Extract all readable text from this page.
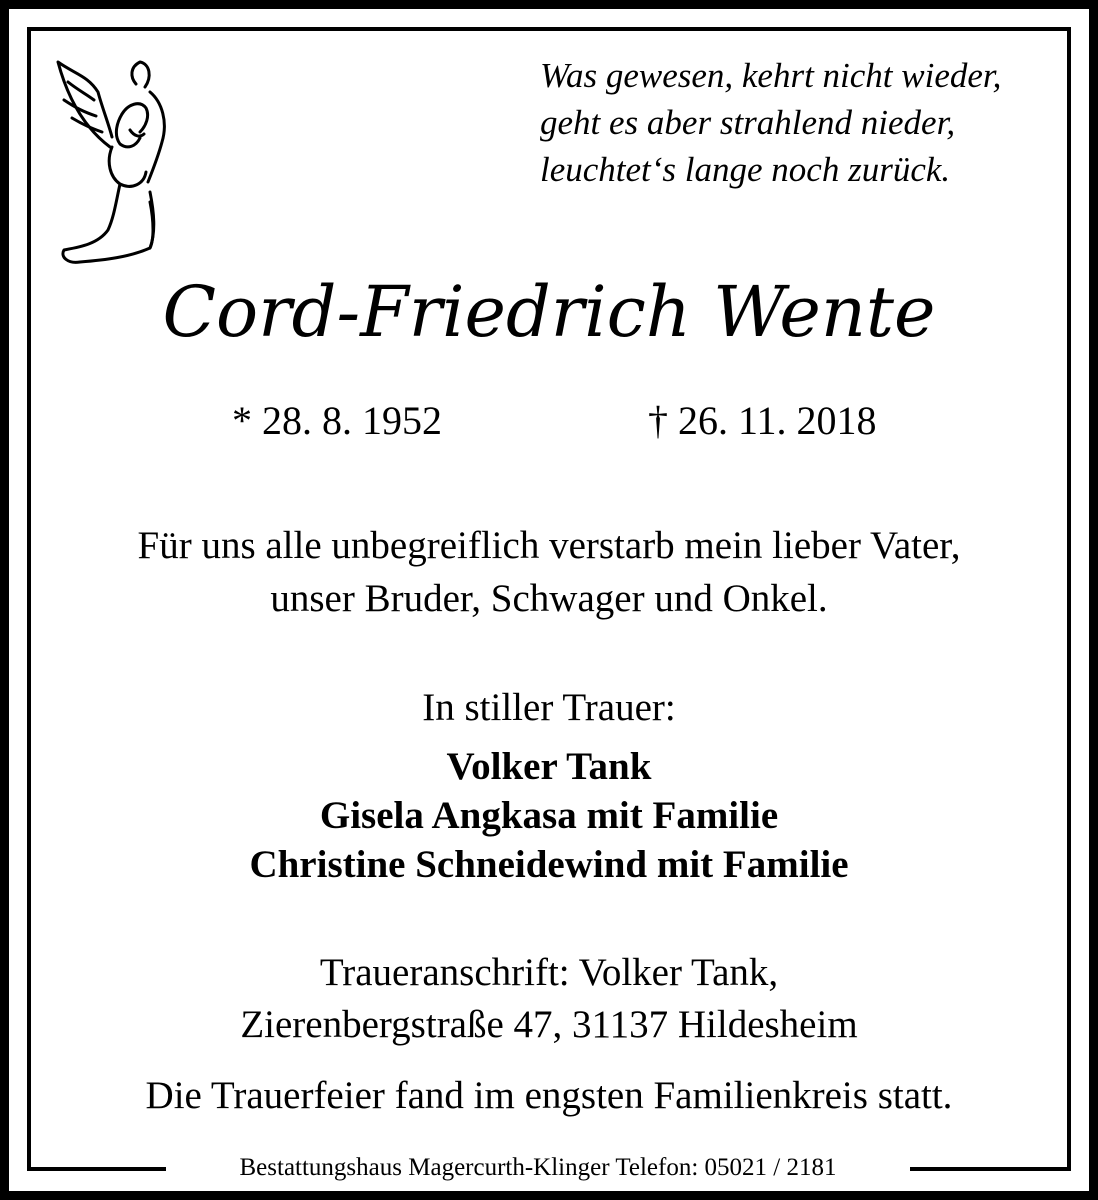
Was gewesen, kehrt nicht wieder,
geht es aber strahlend nieder,
leuchtet‘s lange noch zurück.
Cord-Friedrich Wente
* 28. 8. 1952	† 26. 11. 2018
Für uns alle unbegreiflich verstarb mein lieber Vater,
unser Bruder, Schwager und Onkel.
In stiller Trauer:
Volker Tank
Gisela Angkasa mit Familie
Christine Schneidewind mit Familie
Traueranschrift: Volker Tank,
Zierenbergstraße 47, 31137 Hildesheim
Die Trauerfeier fand im engsten Familienkreis statt.
Bestattungshaus Magercurth-Klinger Telefon: 05021 / 2181
